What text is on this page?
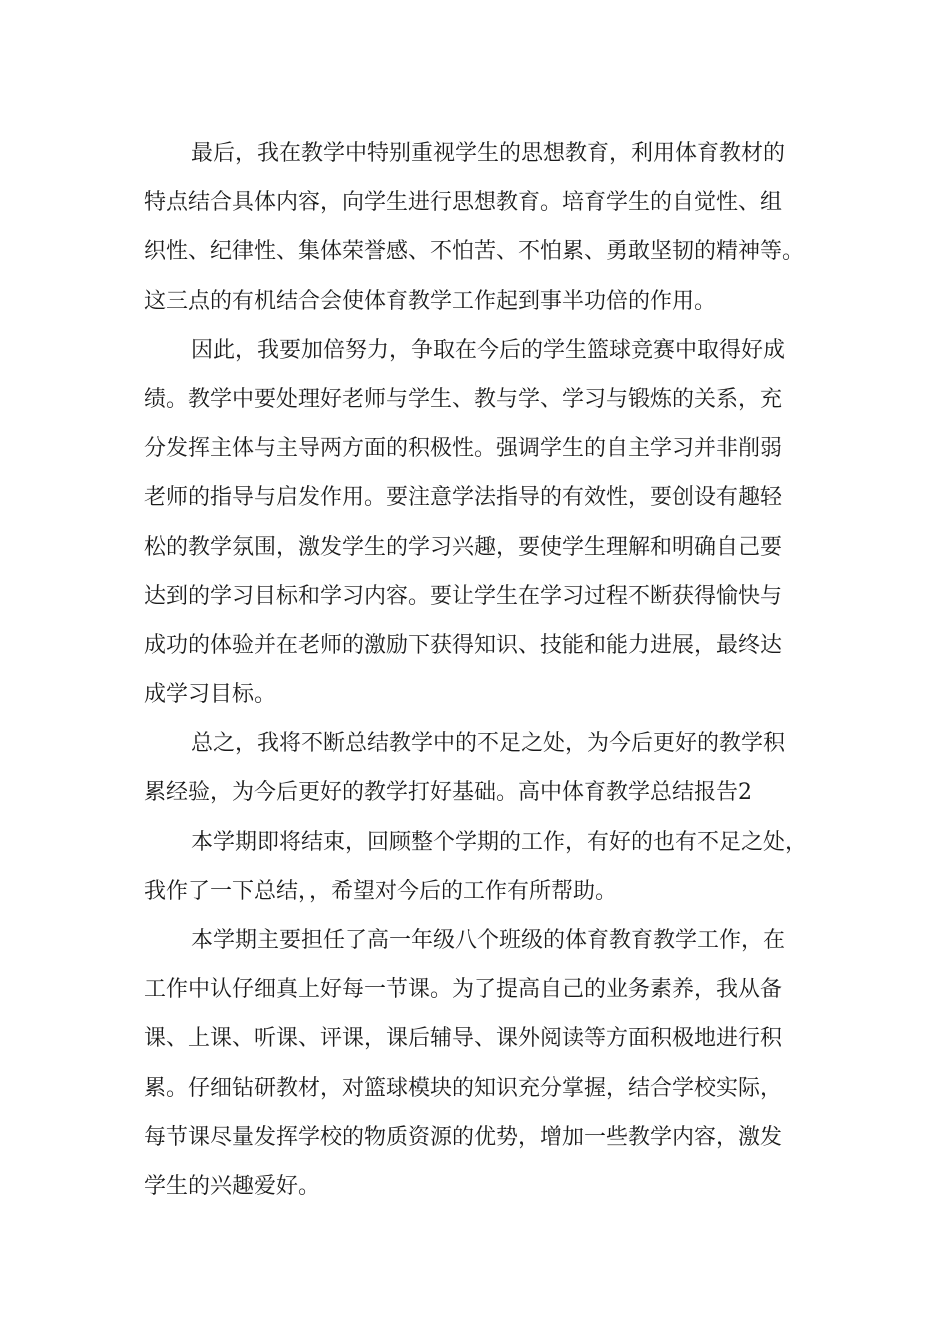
最后，我在教学中特别重视学生的思想教育，利用体育教材的
特点结合具体内容，向学生进行思想教育。培育学生的自觉性、组
织性、纪律性、集体荣誉感、不怕苦、不怕累、勇敢坚韧的精神等。
这三点的有机结合会使体育教学工作起到事半功倍的作用。
因此，我要加倍努力，争取在今后的学生篮球竞赛中取得好成
绩。教学中要处理好老师与学生、教与学、学习与锻炼的关系，充
分发挥主体与主导两方面的积极性。强调学生的自主学习并非削弱
老师的指导与启发作用。要注意学法指导的有效性，要创设有趣轻
松的教学氛围，激发学生的学习兴趣，要使学生理解和明确自己要
达到的学习目标和学习内容。要让学生在学习过程不断获得愉快与
成功的体验并在老师的激励下获得知识、技能和能力进展，最终达
成学习目标。
总之，我将不断总结教学中的不足之处，为今后更好的教学积
累经验，为今后更好的教学打好基础。高中体育教学总结报告2
本学期即将结束，回顾整个学期的工作，有好的也有不足之处，
我作了一下总结，，希望对今后的工作有所帮助。
本学期主要担任了高一年级八个班级的体育教育教学工作，在
工作中认仔细真上好每一节课。为了提高自己的业务素养，我从备
课、上课、听课、评课，课后辅导、课外阅读等方面积极地进行积
累。仔细钻研教材，对篮球模块的知识充分掌握，结合学校实际，
每节课尽量发挥学校的物质资源的优势，增加一些教学内容，激发
学生的兴趣爱好。
